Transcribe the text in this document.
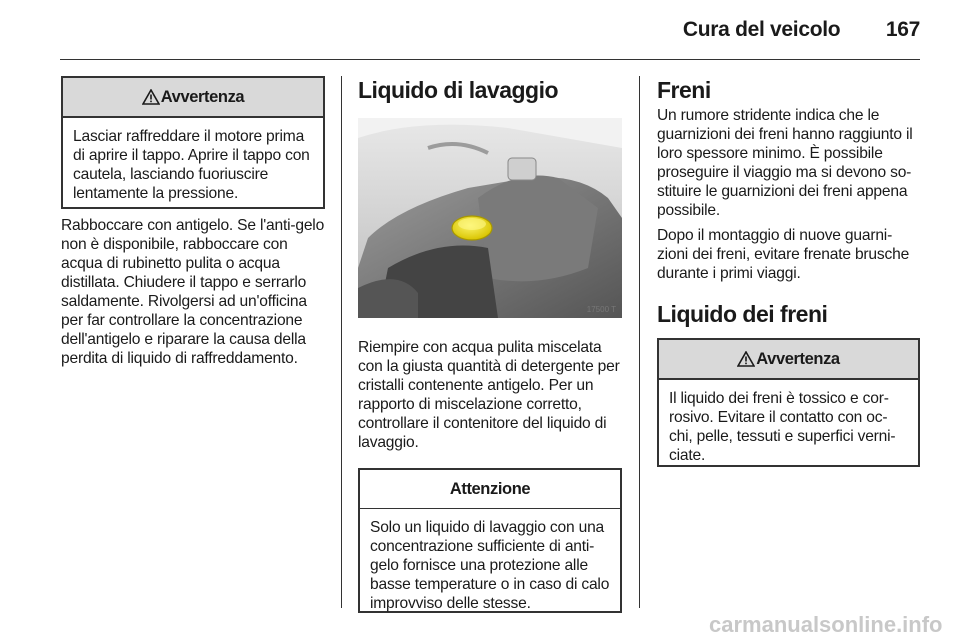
Cura del veicolo 167
Avvertenza

Lasciar raffreddare il motore prima di aprire il tappo. Aprire il tappo con cautela, lasciando fuoriuscire lentamente la pressione.

Rabboccare con antigelo. Se l'anti-gelo non è disponibile, rabboccare con acqua di rubinetto pulita o acqua distillata. Chiudere il tappo e serrarlo saldamente. Rivolgersi ad un'officina per far controllare la concentrazione dell'antigelo e riparare la causa della perdita di liquido di raffreddamento.

Liquido di lavaggio
17500 T

Riempire con acqua pulita miscelata con la giusta quantità di detergente per cristalli contenente antigelo. Per un rapporto di miscelazione corretto, controllare il contenitore del liquido di lavaggio.

Attenzione

Solo un liquido di lavaggio con una concentrazione sufficiente di anti-gelo fornisce una protezione alle basse temperature o in caso di calo improvviso delle stesse.

Freni

Un rumore stridente indica che le guarnizioni dei freni hanno raggiunto il loro spessore minimo. È possibile proseguire il viaggio ma si devono so-stituire le guarnizioni dei freni appena possibile.

Dopo il montaggio di nuove guarni-zioni dei freni, evitare frenate brusche durante i primi viaggi.

Liquido dei freni
Avvertenza

Il liquido dei freni è tossico e cor-rosivo. Evitare il contatto con oc-chi, pelle, tessuti e superfici verni-ciate.

carmanualsonline.info
